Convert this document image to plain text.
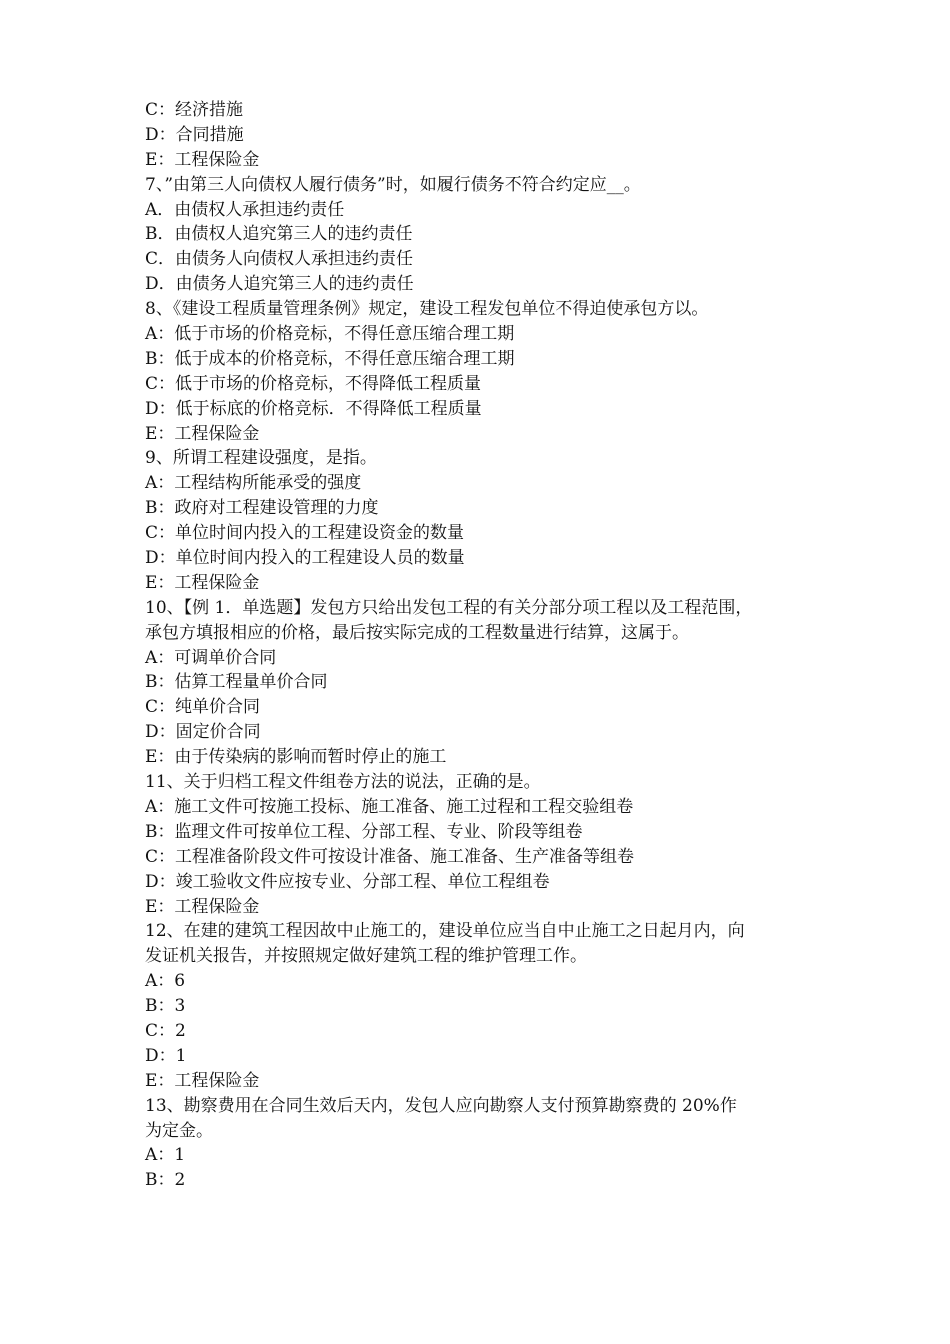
C：经济措施
D：合同措施
E：工程保险金
7、”由第三人向债权人履行债务”时，如履行债务不符合约定应__。
A．由债权人承担违约责任
B．由债权人追究第三人的违约责任
C．由债务人向债权人承担违约责任
D．由债务人追究第三人的违约责任
8、《建设工程质量管理条例》规定，建设工程发包单位不得迫使承包方以。
A：低于市场的价格竞标，不得任意压缩合理工期
B：低于成本的价格竞标，不得任意压缩合理工期
C：低于市场的价格竞标，不得降低工程质量
D：低于标底的价格竞标．不得降低工程质量
E：工程保险金
9、所谓工程建设强度，是指。
A：工程结构所能承受的强度
B：政府对工程建设管理的力度
C：单位时间内投入的工程建设资金的数量
D：单位时间内投入的工程建设人员的数量
E：工程保险金
10、【例 1．单选题】发包方只给出发包工程的有关分部分项工程以及工程范围，
承包方填报相应的价格，最后按实际完成的工程数量进行结算，这属于。
A：可调单价合同
B：估算工程量单价合同
C：纯单价合同
D：固定价合同
E：由于传染病的影响而暂时停止的施工
11、关于归档工程文件组卷方法的说法，正确的是。
A：施工文件可按施工投标、施工准备、施工过程和工程交验组卷
B：监理文件可按单位工程、分部工程、专业、阶段等组卷
C：工程准备阶段文件可按设计准备、施工准备、生产准备等组卷
D：竣工验收文件应按专业、分部工程、单位工程组卷
E：工程保险金
12、在建的建筑工程因故中止施工的，建设单位应当自中止施工之日起月内，向
发证机关报告，并按照规定做好建筑工程的维护管理工作。
A：6
B：3
C：2
D：1
E：工程保险金
13、勘察费用在合同生效后天内，发包人应向勘察人支付预算勘察费的 20%作
为定金。
A：1
B：2
